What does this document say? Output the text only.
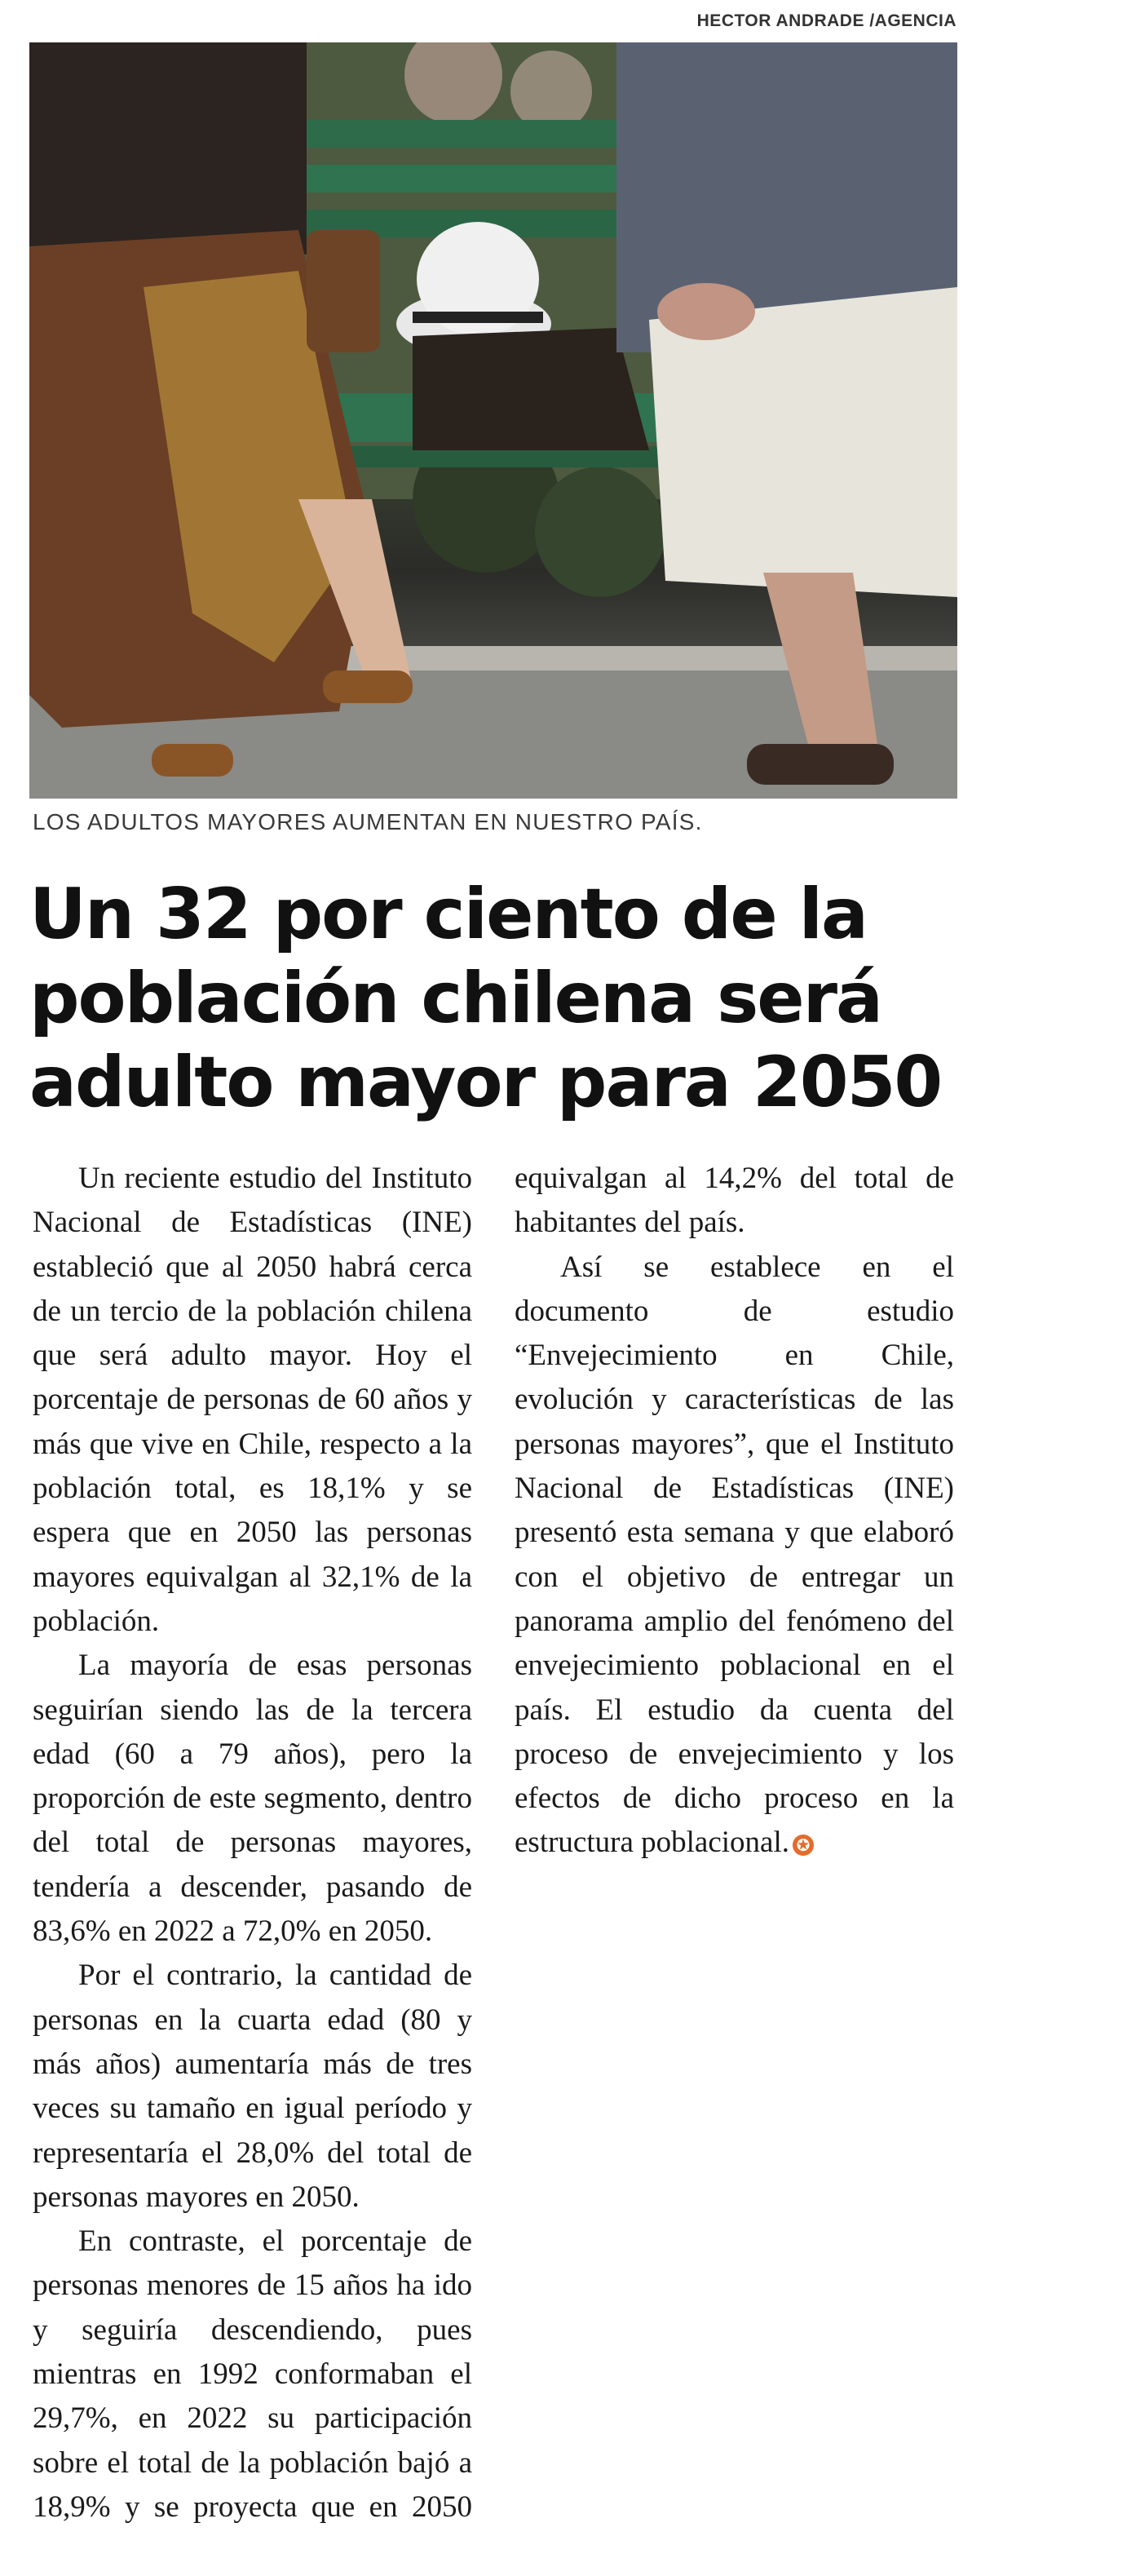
HECTOR ANDRADE /AGENCIA
LOS ADULTOS MAYORES AUMENTAN EN NUESTRO PAÍS.
Un 32 por ciento de la
población chilena será
adulto mayor para 2050

Un reciente estudio del Instituto Nacional de Estadísticas (INE) estableció que al 2050 habrá cerca de un tercio de la población chilena que será adulto mayor. Hoy el porcentaje de personas de 60 años y más que vive en Chile, respecto a la población total, es 18,1% y se espera que en 2050 las personas mayores equivalgan al 32,1% de la población.

La mayoría de esas personas seguirían siendo las de la tercera edad (60 a 79 años), pero la proporción de este segmento, dentro del total de personas mayores, tendería a descender, pasando de 83,6% en 2022 a 72,0% en 2050.

Por el contrario, la cantidad de personas en la cuarta edad (80 y más años) aumentaría más de tres veces su tamaño en igual período y representaría el 28,0% del total de personas mayores en 2050.

En contraste, el porcentaje de personas menores de 15 años ha ido y seguiría descendiendo, pues mientras en 1992 conformaban el 29,7%, en 2022 su participación sobre el total de la población bajó a 18,9% y se proyecta que en 2050 equivalgan al 14,2% del total de habitantes del país.

Así se establece en el documento de estudio “Envejecimiento en Chile, evolución y características de las personas mayores”, que el Instituto Nacional de Estadísticas (INE) presentó esta semana y que elaboró con el objetivo de entregar un panorama amplio del fenómeno del envejecimiento poblacional en el país. El estudio da cuenta del proceso de envejecimiento y los efectos de dicho proceso en la estructura poblacional. ✪
